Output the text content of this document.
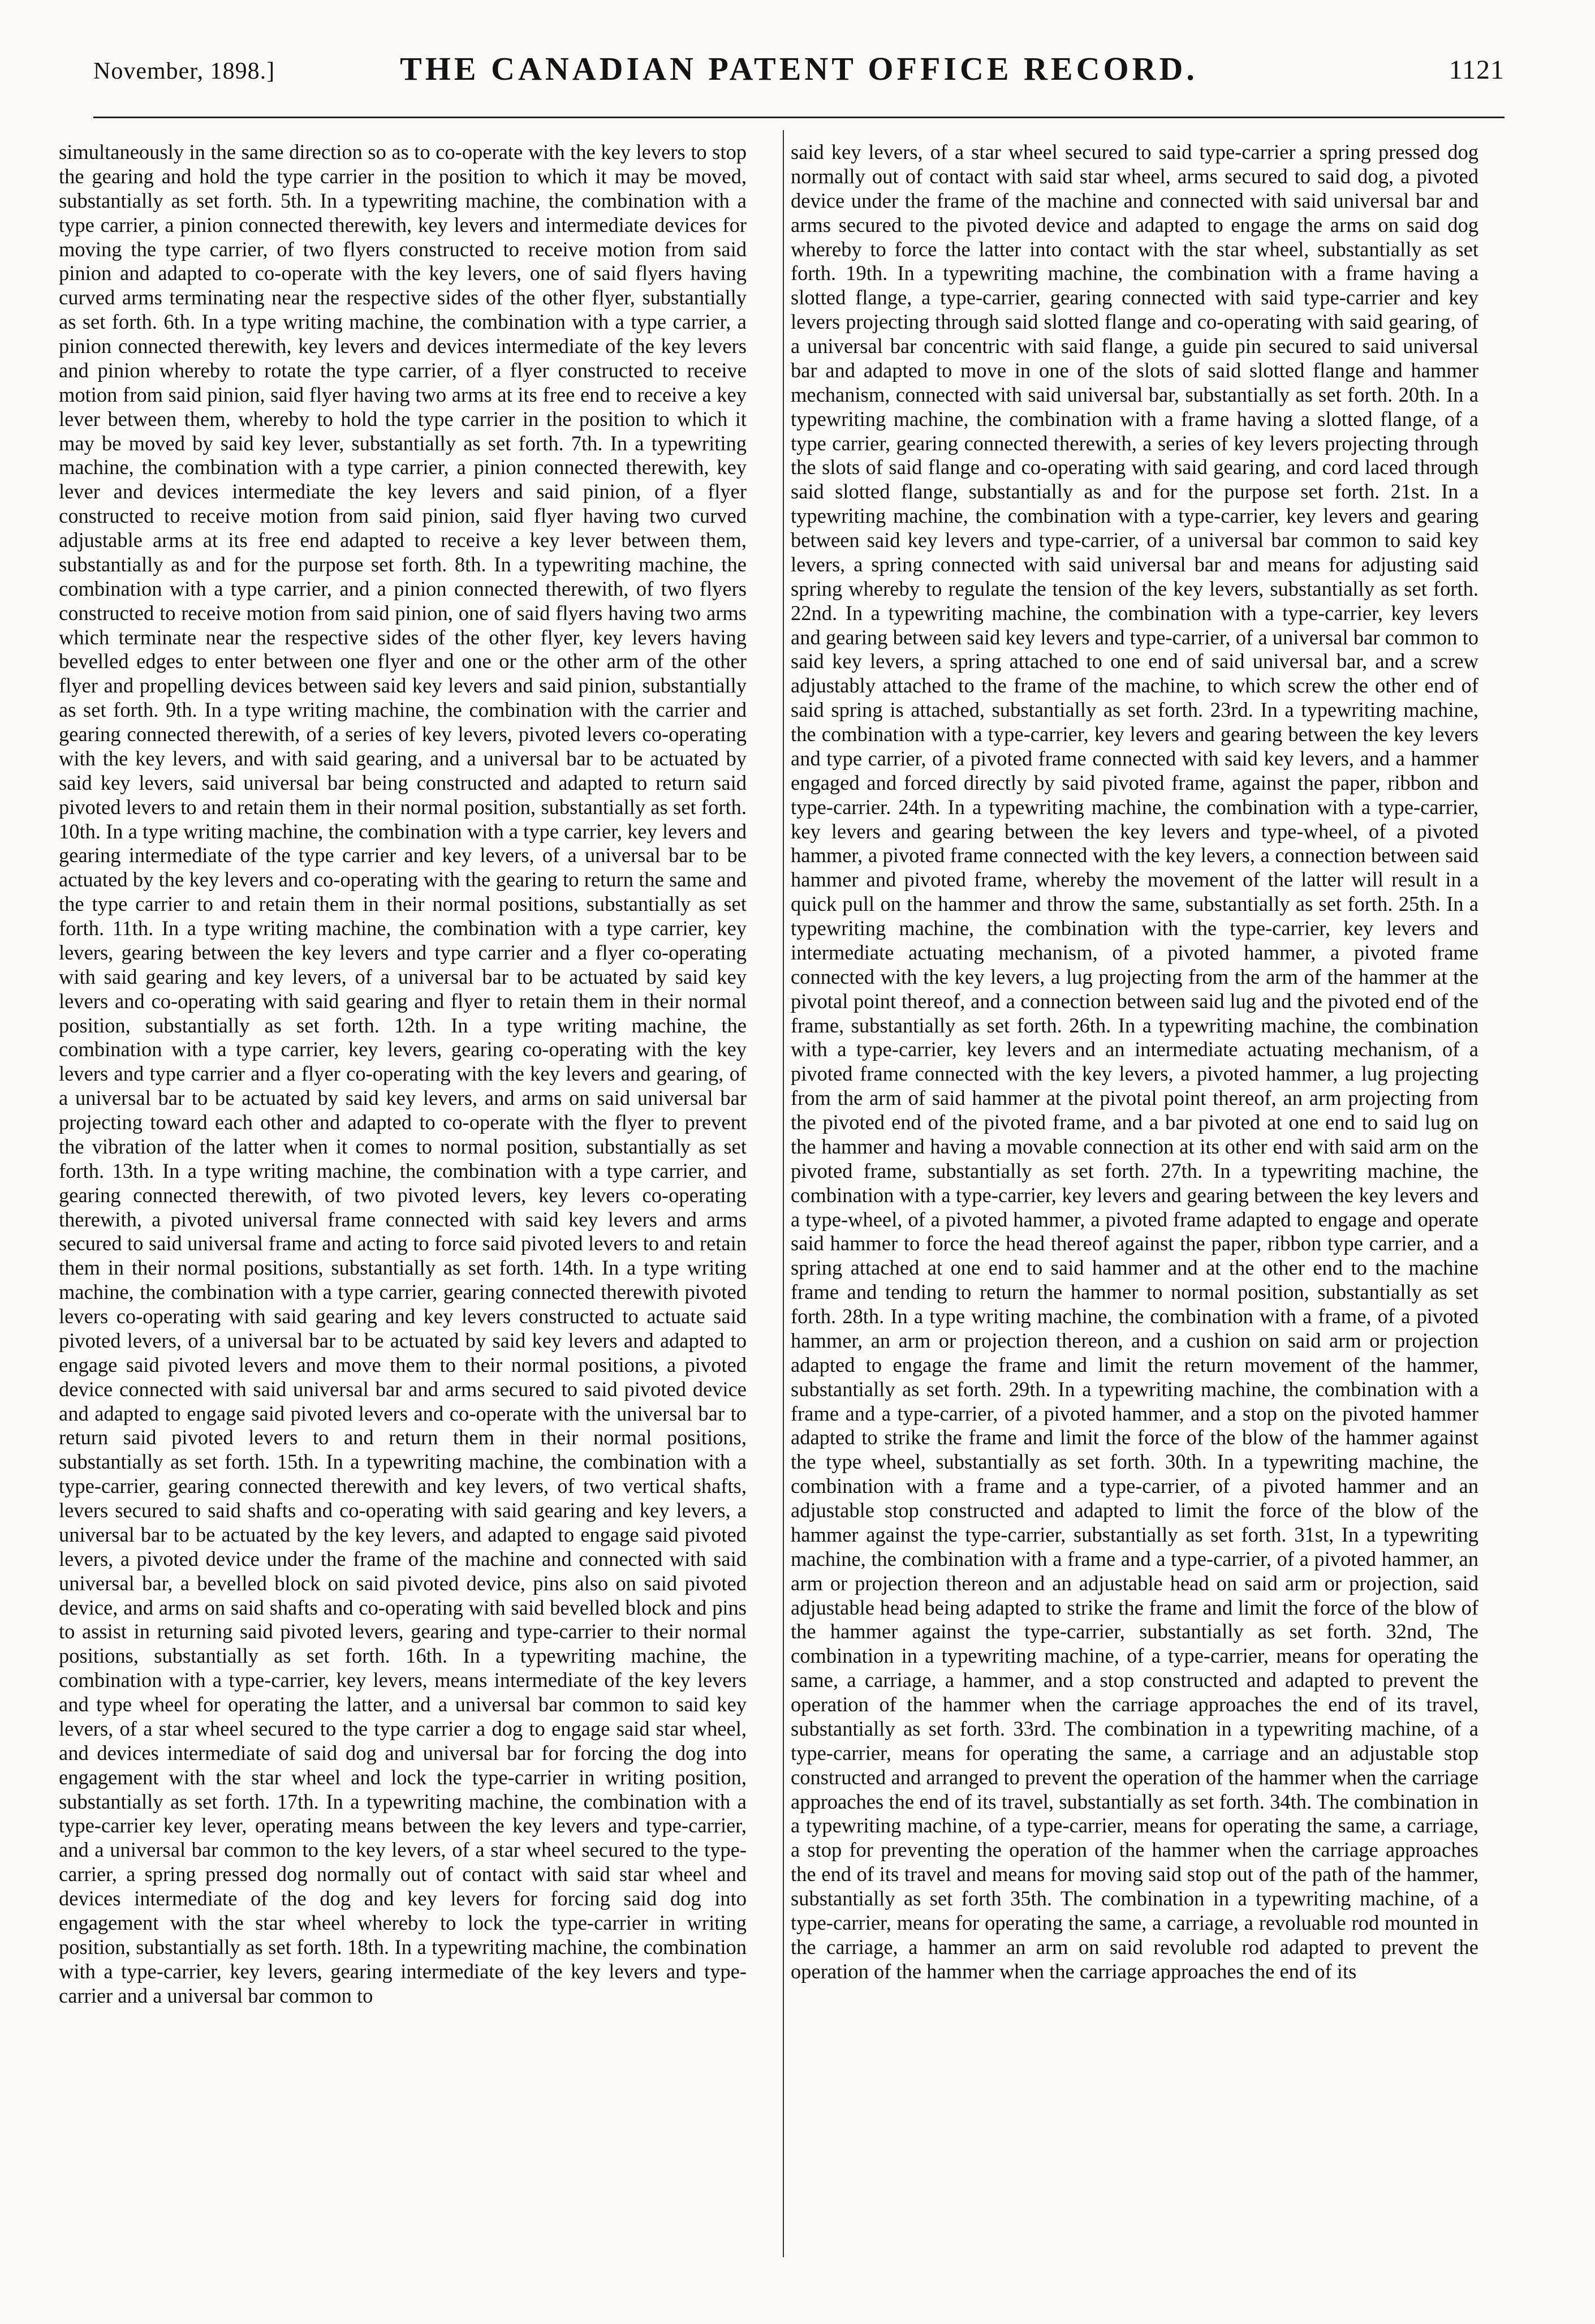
November, 1898.]	THE CANADIAN PATENT OFFICE RECORD.	1121

simultaneously in the same direction so as to co-operate with the key levers to stop the gearing and hold the type carrier in the position to which it may be moved, substantially as set forth. 5th. In a typewriting machine, the combination with a type carrier, a pinion connected therewith, key levers and intermediate devices for moving the type carrier, of two flyers constructed to receive motion from said pinion and adapted to co-operate with the key levers, one of said flyers having curved arms terminating near the respective sides of the other flyer, substantially as set forth. 6th. In a type writing machine, the combination with a type carrier, a pinion connected therewith, key levers and devices intermediate of the key levers and pinion whereby to rotate the type carrier, of a flyer constructed to receive motion from said pinion, said flyer having two arms at its free end to receive a key lever between them, whereby to hold the type carrier in the position to which it may be moved by said key lever, substantially as set forth. 7th. In a typewriting machine, the combination with a type carrier, a pinion connected therewith, key lever and devices intermediate the key levers and said pinion, of a flyer constructed to receive motion from said pinion, said flyer having two curved adjustable arms at its free end adapted to receive a key lever between them, substantially as and for the purpose set forth. 8th. In a typewriting machine, the combination with a type carrier, and a pinion connected therewith, of two flyers constructed to receive motion from said pinion, one of said flyers having two arms which terminate near the respective sides of the other flyer, key levers having bevelled edges to enter between one flyer and one or the other arm of the other flyer and propelling devices between said key levers and said pinion, substantially as set forth. 9th. In a type writing machine, the combination with the carrier and gearing connected therewith, of a series of key levers, pivoted levers co-operating with the key levers, and with said gearing, and a universal bar to be actuated by said key levers, said universal bar being constructed and adapted to return said pivoted levers to and retain them in their normal position, substantially as set forth. 10th. In a type writing machine, the combination with a type carrier, key levers and gearing intermediate of the type carrier and key levers, of a universal bar to be actuated by the key levers and co-operating with the gearing to return the same and the type carrier to and retain them in their normal positions, substantially as set forth. 11th. In a type writing machine, the combination with a type carrier, key levers, gearing between the key levers and type carrier and a flyer co-operating with said gearing and key levers, of a universal bar to be actuated by said key levers and co-operating with said gearing and flyer to retain them in their normal position, substantially as set forth. 12th. In a type writing machine, the combination with a type carrier, key levers, gearing co-operating with the key levers and type carrier and a flyer co-operating with the key levers and gearing, of a universal bar to be actuated by said key levers, and arms on said universal bar projecting toward each other and adapted to co-operate with the flyer to prevent the vibration of the latter when it comes to normal position, substantially as set forth. 13th. In a type writing machine, the combination with a type carrier, and gearing connected therewith, of two pivoted levers, key levers co-operating therewith, a pivoted universal frame connected with said key levers and arms secured to said universal frame and acting to force said pivoted levers to and retain them in their normal positions, substantially as set forth. 14th. In a type writing machine, the combination with a type carrier, gearing connected therewith pivoted levers co-operating with said gearing and key levers constructed to actuate said pivoted levers, of a universal bar to be actuated by said key levers and adapted to engage said pivoted levers and move them to their normal positions, a pivoted device connected with said universal bar and arms secured to said pivoted device and adapted to engage said pivoted levers and co-operate with the universal bar to return said pivoted levers to and return them in their normal positions, substantially as set forth. 15th. In a typewriting machine, the combination with a type-carrier, gearing connected therewith and key levers, of two vertical shafts, levers secured to said shafts and co-operating with said gearing and key levers, a universal bar to be actuated by the key levers, and adapted to engage said pivoted levers, a pivoted device under the frame of the machine and connected with said universal bar, a bevelled block on said pivoted device, pins also on said pivoted device, and arms on said shafts and co-operating with said bevelled block and pins to assist in returning said pivoted levers, gearing and type-carrier to their normal positions, substantially as set forth. 16th. In a typewriting machine, the combination with a type-carrier, key levers, means intermediate of the key levers and type wheel for operating the latter, and a universal bar common to said key levers, of a star wheel secured to the type carrier a dog to engage said star wheel, and devices intermediate of said dog and universal bar for forcing the dog into engagement with the star wheel and lock the type-carrier in writing position, substantially as set forth. 17th. In a typewriting machine, the combination with a type-carrier key lever, operating means between the key levers and type-carrier, and a universal bar common to the key levers, of a star wheel secured to the type-carrier, a spring pressed dog normally out of contact with said star wheel and devices intermediate of the dog and key levers for forcing said dog into engagement with the star wheel whereby to lock the type-carrier in writing position, substantially as set forth. 18th. In a typewriting machine, the combination with a type-carrier, key levers, gearing intermediate of the key levers and type-carrier and a universal bar common to

said key levers, of a star wheel secured to said type-carrier a spring pressed dog normally out of contact with said star wheel, arms secured to said dog, a pivoted device under the frame of the machine and connected with said universal bar and arms secured to the pivoted device and adapted to engage the arms on said dog whereby to force the latter into contact with the star wheel, substantially as set forth. 19th. In a typewriting machine, the combination with a frame having a slotted flange, a type-carrier, gearing connected with said type-carrier and key levers projecting through said slotted flange and co-operating with said gearing, of a universal bar concentric with said flange, a guide pin secured to said universal bar and adapted to move in one of the slots of said slotted flange and hammer mechanism, connected with said universal bar, substantially as set forth. 20th. In a typewriting machine, the combination with a frame having a slotted flange, of a type carrier, gearing connected therewith, a series of key levers projecting through the slots of said flange and co-operating with said gearing, and cord laced through said slotted flange, substantially as and for the purpose set forth. 21st. In a typewriting machine, the combination with a type-carrier, key levers and gearing between said key levers and type-carrier, of a universal bar common to said key levers, a spring connected with said universal bar and means for adjusting said spring whereby to regulate the tension of the key levers, substantially as set forth. 22nd. In a typewriting machine, the combination with a type-carrier, key levers and gearing between said key levers and type-carrier, of a universal bar common to said key levers, a spring attached to one end of said universal bar, and a screw adjustably attached to the frame of the machine, to which screw the other end of said spring is attached, substantially as set forth. 23rd. In a typewriting machine, the combination with a type-carrier, key levers and gearing between the key levers and type carrier, of a pivoted frame connected with said key levers, and a hammer engaged and forced directly by said pivoted frame, against the paper, ribbon and type-carrier. 24th. In a typewriting machine, the combination with a type-carrier, key levers and gearing between the key levers and type-wheel, of a pivoted hammer, a pivoted frame connected with the key levers, a connection between said hammer and pivoted frame, whereby the movement of the latter will result in a quick pull on the hammer and throw the same, substantially as set forth. 25th. In a typewriting machine, the combination with the type-carrier, key levers and intermediate actuating mechanism, of a pivoted hammer, a pivoted frame connected with the key levers, a lug projecting from the arm of the hammer at the pivotal point thereof, and a connection between said lug and the pivoted end of the frame, substantially as set forth. 26th. In a typewriting machine, the combination with a type-carrier, key levers and an intermediate actuating mechanism, of a pivoted frame connected with the key levers, a pivoted hammer, a lug projecting from the arm of said hammer at the pivotal point thereof, an arm projecting from the pivoted end of the pivoted frame, and a bar pivoted at one end to said lug on the hammer and having a movable connection at its other end with said arm on the pivoted frame, substantially as set forth. 27th. In a typewriting machine, the combination with a type-carrier, key levers and gearing between the key levers and a type-wheel, of a pivoted hammer, a pivoted frame adapted to engage and operate said hammer to force the head thereof against the paper, ribbon type carrier, and a spring attached at one end to said hammer and at the other end to the machine frame and tending to return the hammer to normal position, substantially as set forth. 28th. In a type writing machine, the combination with a frame, of a pivoted hammer, an arm or projection thereon, and a cushion on said arm or projection adapted to engage the frame and limit the return movement of the hammer, substantially as set forth. 29th. In a typewriting machine, the combination with a frame and a type-carrier, of a pivoted hammer, and a stop on the pivoted hammer adapted to strike the frame and limit the force of the blow of the hammer against the type wheel, substantially as set forth. 30th. In a typewriting machine, the combination with a frame and a type-carrier, of a pivoted hammer and an adjustable stop constructed and adapted to limit the force of the blow of the hammer against the type-carrier, substantially as set forth. 31st, In a typewriting machine, the combination with a frame and a type-carrier, of a pivoted hammer, an arm or projection thereon and an adjustable head on said arm or projection, said adjustable head being adapted to strike the frame and limit the force of the blow of the hammer against the type-carrier, substantially as set forth. 32nd, The combination in a typewriting machine, of a type-carrier, means for operating the same, a carriage, a hammer, and a stop constructed and adapted to prevent the operation of the hammer when the carriage approaches the end of its travel, substantially as set forth. 33rd. The combination in a typewriting machine, of a type-carrier, means for operating the same, a carriage and an adjustable stop constructed and arranged to prevent the operation of the hammer when the carriage approaches the end of its travel, substantially as set forth. 34th. The combination in a typewriting machine, of a type-carrier, means for operating the same, a carriage, a stop for preventing the operation of the hammer when the carriage approaches the end of its travel and means for moving said stop out of the path of the hammer, substantially as set forth 35th. The combination in a typewriting machine, of a type-carrier, means for operating the same, a carriage, a revoluable rod mounted in the carriage, a hammer an arm on said revoluble rod adapted to prevent the operation of the hammer when the carriage approaches the end of its
